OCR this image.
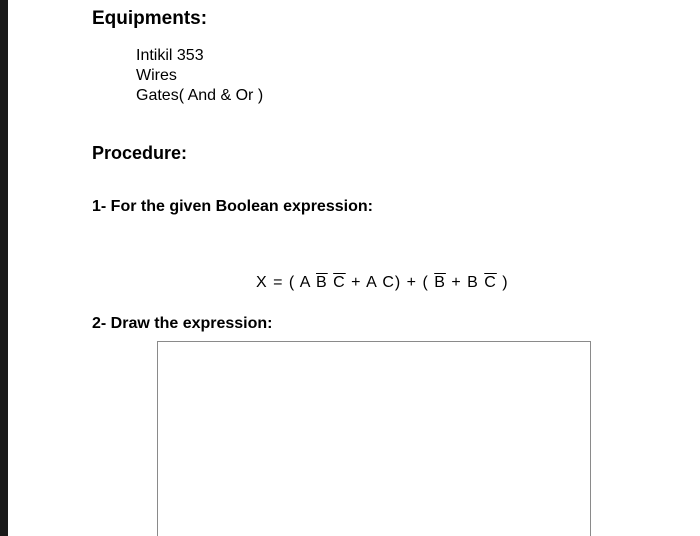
Equipments:
Intikil 353
Wires
Gates( And & Or )
Procedure:

1- For the given Boolean expression:

X = ( A $\overline{B}$ $\overline{C} + A$ C) + ( $\overline{B} + B$ $\overline{C}$ )

2- Draw the expression:
